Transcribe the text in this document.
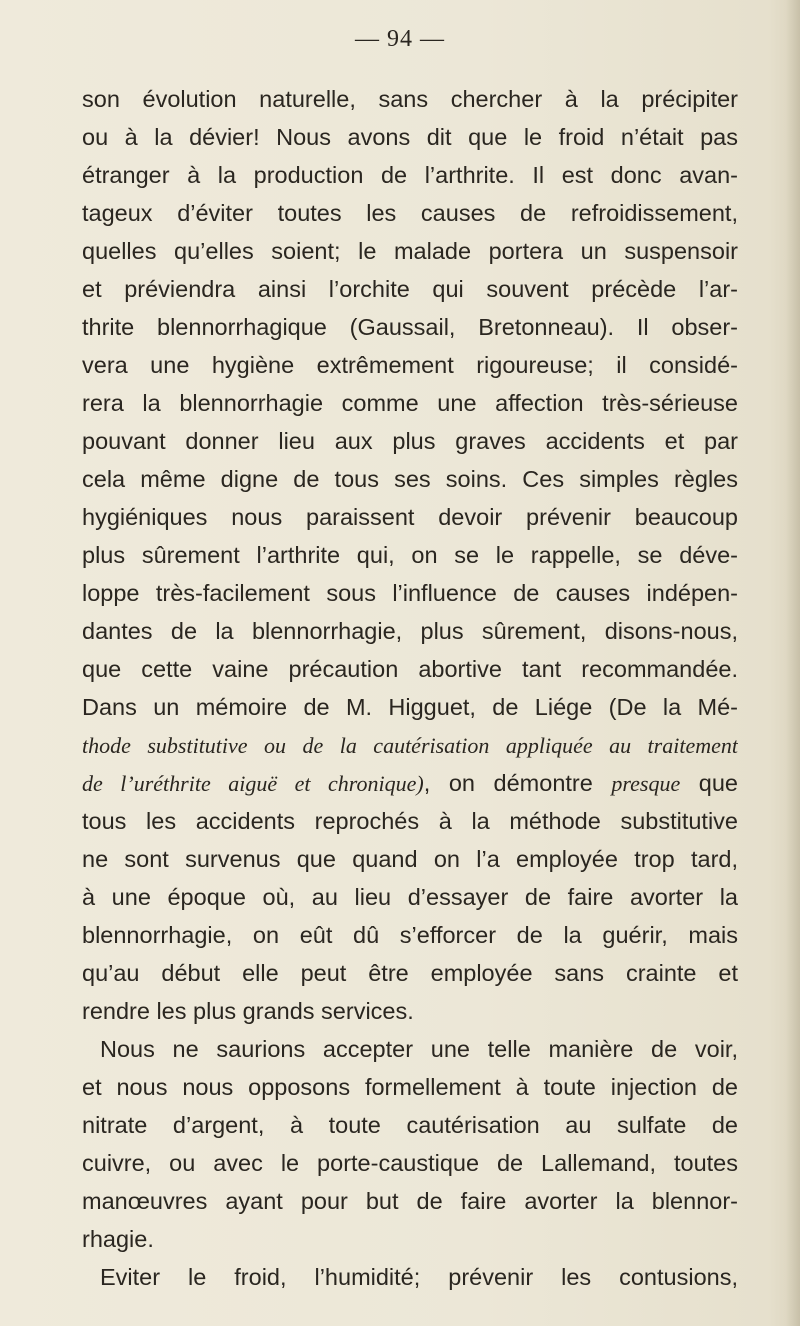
— 94 —
son évolution naturelle, sans chercher à la précipiter
ou à la dévier! Nous avons dit que le froid n’était pas
étranger à la production de l’arthrite. Il est donc avan-
tageux d’éviter toutes les causes de refroidissement,
quelles qu’elles soient; le malade portera un suspensoir
et préviendra ainsi l’orchite qui souvent précède l’ar-
thrite blennorrhagique (Gaussail, Bretonneau). Il obser-
vera une hygiène extrêmement rigoureuse; il considé-
rera la blennorrhagie comme une affection très-sérieuse
pouvant donner lieu aux plus graves accidents et par
cela même digne de tous ses soins. Ces simples règles
hygiéniques nous paraissent devoir prévenir beaucoup
plus sûrement l’arthrite qui, on se le rappelle, se déve-
loppe très-facilement sous l’influence de causes indépen-
dantes de la blennorrhagie, plus sûrement, disons-nous,
que cette vaine précaution abortive tant recommandée.
Dans un mémoire de M. Higguet, de Liége (De la Mé-
thode substitutive ou de la cautérisation appliquée au traitement
de l’uréthrite aiguë et chronique), on démontre presque que
tous les accidents reprochés à la méthode substitutive
ne sont survenus que quand on l’a employée trop tard,
à une époque où, au lieu d’essayer de faire avorter la
blennorrhagie, on eût dû s’efforcer de la guérir, mais
qu’au début elle peut être employée sans crainte et
rendre les plus grands services.
Nous ne saurions accepter une telle manière de voir,
et nous nous opposons formellement à toute injection de
nitrate d’argent, à toute cautérisation au sulfate de
cuivre, ou avec le porte-caustique de Lallemand, toutes
manœuvres ayant pour but de faire avorter la blennor-
rhagie.
Eviter le froid, l’humidité; prévenir les contusions,
